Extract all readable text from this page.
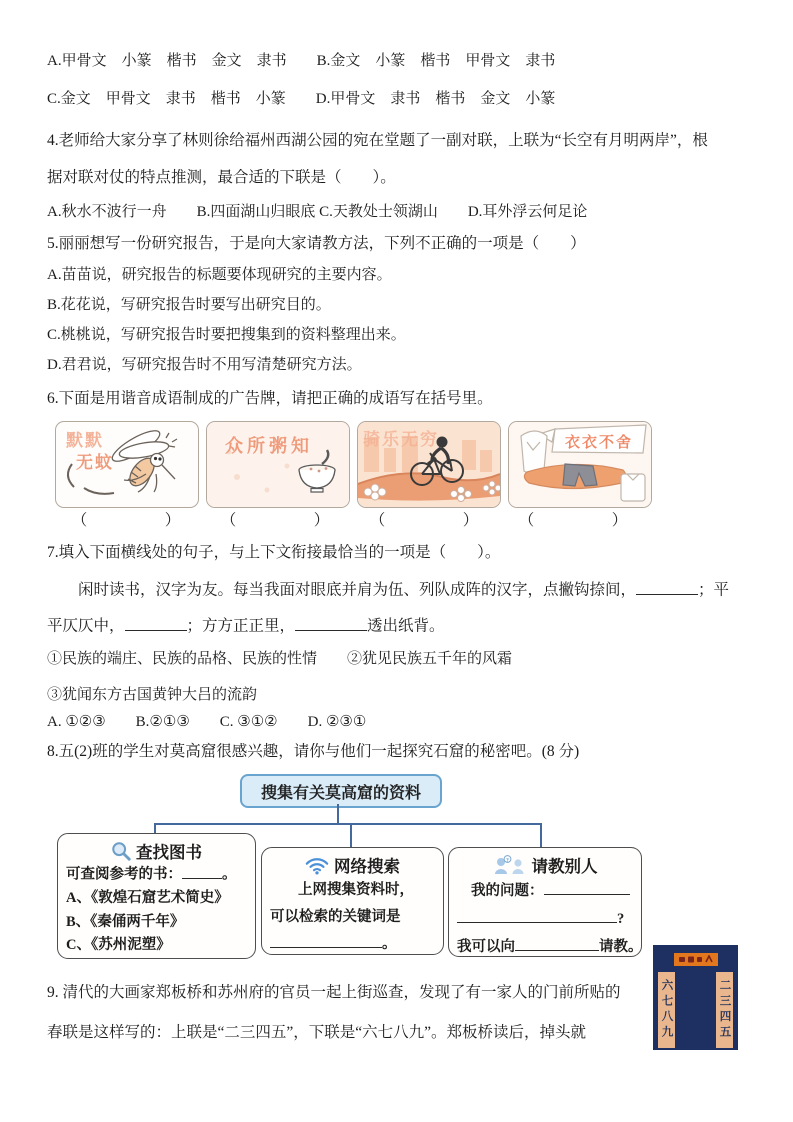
A.甲骨文　小篆　楷书　金文　隶书　　B.金文　小篆　楷书　甲骨文　隶书
C.金文　甲骨文　隶书　楷书　小篆　　D.甲骨文　隶书　楷书　金文　小篆
4.老师给大家分享了林则徐给福州西湖公园的宛在堂题了一副对联，上联为“长空有月明两岸”，根
据对联对仗的特点推测，最合适的下联是（　　）。
A.秋水不波行一舟　　B.四面湖山归眼底 C.天教处士领湖山　　D.耳外浮云何足论
5.丽丽想写一份研究报告，于是向大家请教方法，下列不正确的一项是（　　）
A.苗苗说，研究报告的标题要体现研究的主要内容。
B.花花说，写研究报告时要写出研究目的。
C.桃桃说，写研究报告时要把搜集到的资料整理出来。
D.君君说，写研究报告时不用写清楚研究方法。
6.下面是用谐音成语制成的广告牌，请把正确的成语写在括号里。
默默
无蚊
众所粥知	骑乐无穷	衣衣不舍
（　　　　　）	（　　　　　）	（　　　　　）	（　　　　　）
7.填入下面横线处的句子，与上下文衔接最恰当的一项是（　　）。
　　闲时读书，汉字为友。每当我面对眼底并肩为伍、列队成阵的汉字，点撇钩捺间，	；平
平仄仄中，	；方方正正里，	透出纸背。
①民族的端庄、民族的品格、民族的性情　　②犹见民族五千年的风霜
③犹闻东方古国黄钟大吕的流韵
A. ①②③　　B.②①③　　C. ③①②　　D. ②③①
8.五(2)班的学生对莫高窟很感兴趣，请你与他们一起探究石窟的秘密吧。(8 分)
搜集有关莫高窟的资料
查找图书
可查阅参考的书：	。
A、《敦煌石窟艺术简史》
B、《秦俑两千年》
C、《苏州泥塑》
网络搜索
上网搜集资料时，
可以检索的关键词是
。
? 请教别人
我的问题：
?
我可以向	请教。
9. 清代的大画家郑板桥和苏州府的官员一起上街巡查，发现了有一家人的门前所贴的
春联是这样写的：上联是“二三四五”，下联是“六七八九”。郑板桥读后，掉头就	六七八九	二三四五
